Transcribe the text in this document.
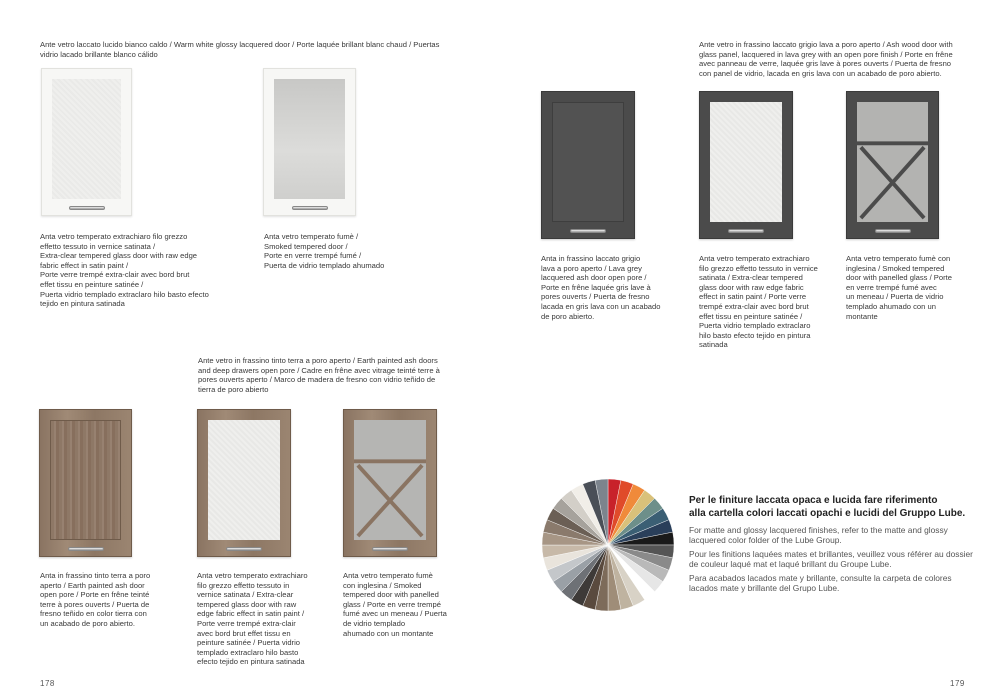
Ante vetro laccato lucido bianco caldo / Warm white glossy lacquered door / Porte laquée brillant blanc chaud / Puertas
vidrio lacado brillante blanco cálido
Anta vetro temperato extrachiaro filo grezzo
effetto tessuto in vernice satinata /
Extra-clear tempered glass door with raw edge
fabric effect in satin paint /
Porte verre trempé extra-clair avec bord brut
effet tissu en peinture satinée /
Puerta vidrio templado extraclaro hilo basto efecto
tejido en pintura satinada
Anta vetro temperato fumè /
Smoked tempered door /
Porte en verre trempé fumé /
Puerta de vidrio templado ahumado
Ante vetro in frassino tinto terra a poro aperto / Earth painted ash doors
and deep drawers open pore / Cadre en frêne avec vitrage teinté terre à
pores ouverts aperto / Marco de madera de fresno con vidrio teñido de
tierra de poro abierto
Anta in frassino tinto terra a poro
aperto / Earth painted ash door
open pore / Porte en frêne teinté
terre à pores ouverts / Puerta de
fresno teñido en color tierra con
un acabado de poro abierto.
Anta vetro temperato extrachiaro
filo grezzo effetto tessuto in
vernice satinata / Extra-clear
tempered glass door with raw
edge fabric effect in satin paint /
Porte verre trempé extra-clair
avec bord brut effet tissu en
peinture satinée / Puerta vidrio
templado extraclaro hilo basto
efecto tejido en pintura satinada
Anta vetro temperato fumè
con inglesina / Smoked
tempered door with panelled
glass / Porte en verre trempé
fumé avec un meneau / Puerta
de vidrio templado
ahumado con un montante
178
Ante vetro in frassino laccato grigio lava a poro aperto / Ash wood door with
glass panel, lacquered in lava grey with an open pore finish / Porte en frêne
avec panneau de verre, laquée gris lave à pores ouverts / Puerta de fresno
con panel de vidrio, lacada en gris lava con un acabado de poro abierto.
Anta in frassino laccato grigio
lava a poro aperto / Lava grey
lacquered ash door open pore /
Porte en frêne laquée gris lave à
pores ouverts / Puerta de fresno
lacada en gris lava con un acabado
de poro abierto.
Anta vetro temperato extrachiaro
filo grezzo effetto tessuto in vernice
satinata / Extra-clear tempered
glass door with raw edge fabric
effect in satin paint / Porte verre
trempé extra-clair avec bord brut
effet tissu en peinture satinée /
Puerta vidrio templado extraclaro
hilo basto efecto tejido en pintura
satinada
Anta vetro temperato fumè con
inglesina / Smoked tempered
door with panelled glass / Porte
en verre trempé fumé avec
un meneau / Puerta de vidrio
templado ahumado con un
montante
Per le finiture laccata opaca e lucida fare riferimento
alla cartella colori laccati opachi e lucidi del Gruppo Lube.
For matte and glossy lacquered finishes, refer to the matte and glossy lacquered color folder of the Lube Group.
Pour les finitions laquées mates et brillantes, veuillez vous référer au dossier de couleur laqué mat et laqué brillant du Groupe Lube.
Para acabados lacados mate y brillante, consulte la carpeta de colores lacados mate y brillante del Grupo Lube.
179
